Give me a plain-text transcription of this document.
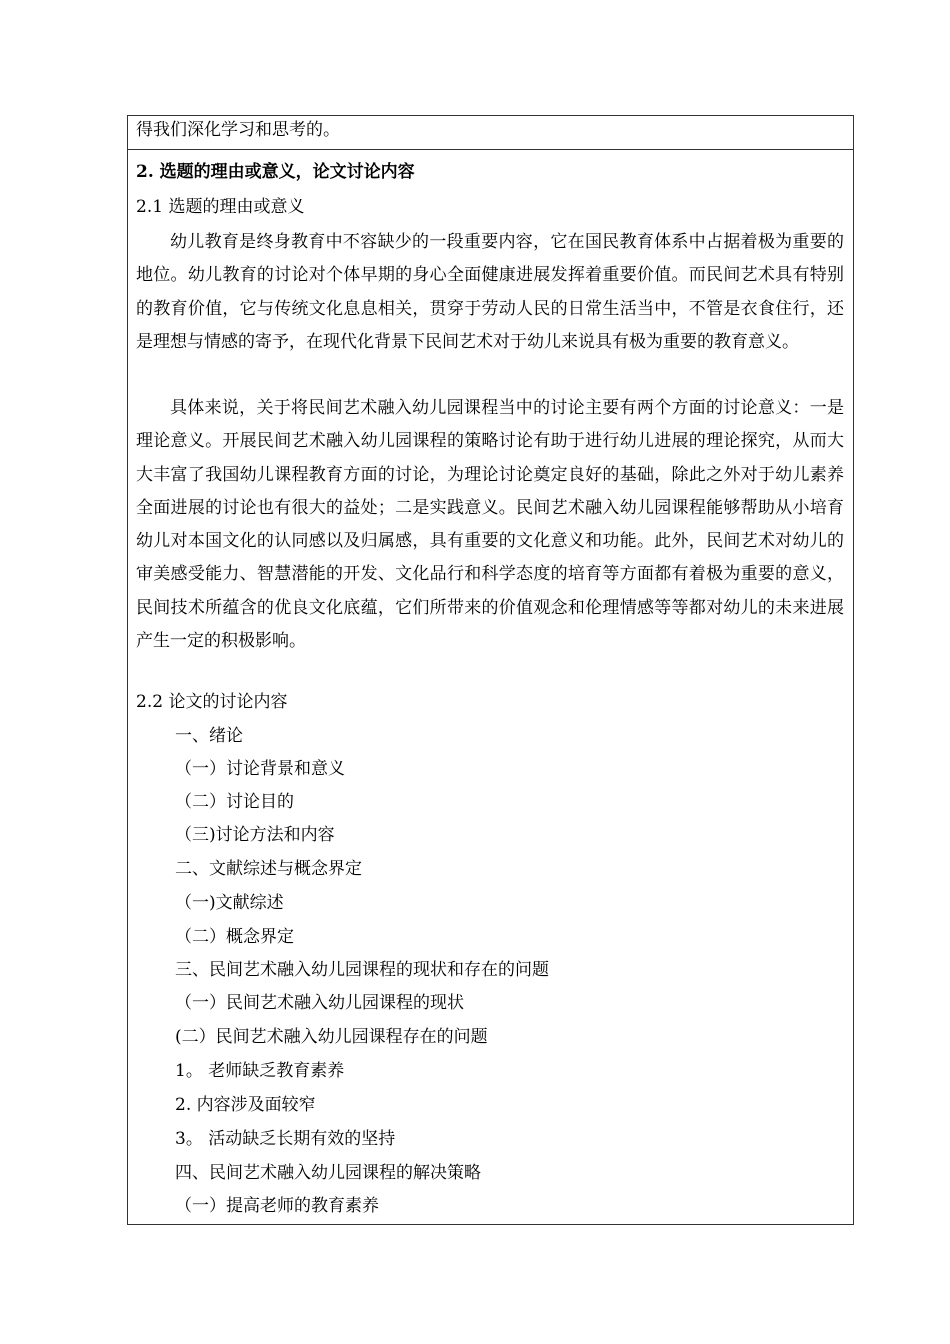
得我们深化学习和思考的。
2. 选题的理由或意义，论文讨论内容
2.1 选题的理由或意义

幼儿教育是终身教育中不容缺少的一段重要内容，它在国民教育体系中占据着极为重要的地位。幼儿教育的讨论对个体早期的身心全面健康进展发挥着重要价值。而民间艺术具有特别的教育价值，它与传统文化息息相关，贯穿于劳动人民的日常生活当中，不管是衣食住行，还是理想与情感的寄予，在现代化背景下民间艺术对于幼儿来说具有极为重要的教育意义。

具体来说，关于将民间艺术融入幼儿园课程当中的讨论主要有两个方面的讨论意义：一是理论意义。开展民间艺术融入幼儿园课程的策略讨论有助于进行幼儿进展的理论探究，从而大大丰富了我国幼儿课程教育方面的讨论，为理论讨论奠定良好的基础，除此之外对于幼儿素养全面进展的讨论也有很大的益处；二是实践意义。民间艺术融入幼儿园课程能够帮助从小培育幼儿对本国文化的认同感以及归属感，具有重要的文化意义和功能。此外，民间艺术对幼儿的审美感受能力、智慧潜能的开发、文化品行和科学态度的培育等方面都有着极为重要的意义，民间技术所蕴含的优良文化底蕴，它们所带来的价值观念和伦理情感等等都对幼儿的未来进展产生一定的积极影响。

2.2 论文的讨论内容
一、绪论
（一）讨论背景和意义
（二）讨论目的
（三)讨论方法和内容
二、文献综述与概念界定
（一)文献综述
（二）概念界定
三、民间艺术融入幼儿园课程的现状和存在的问题
（一）民间艺术融入幼儿园课程的现状
(二）民间艺术融入幼儿园课程存在的问题
1。 老师缺乏教育素养
2. 内容涉及面较窄
3。 活动缺乏长期有效的坚持
四、民间艺术融入幼儿园课程的解决策略
（一）提高老师的教育素养
